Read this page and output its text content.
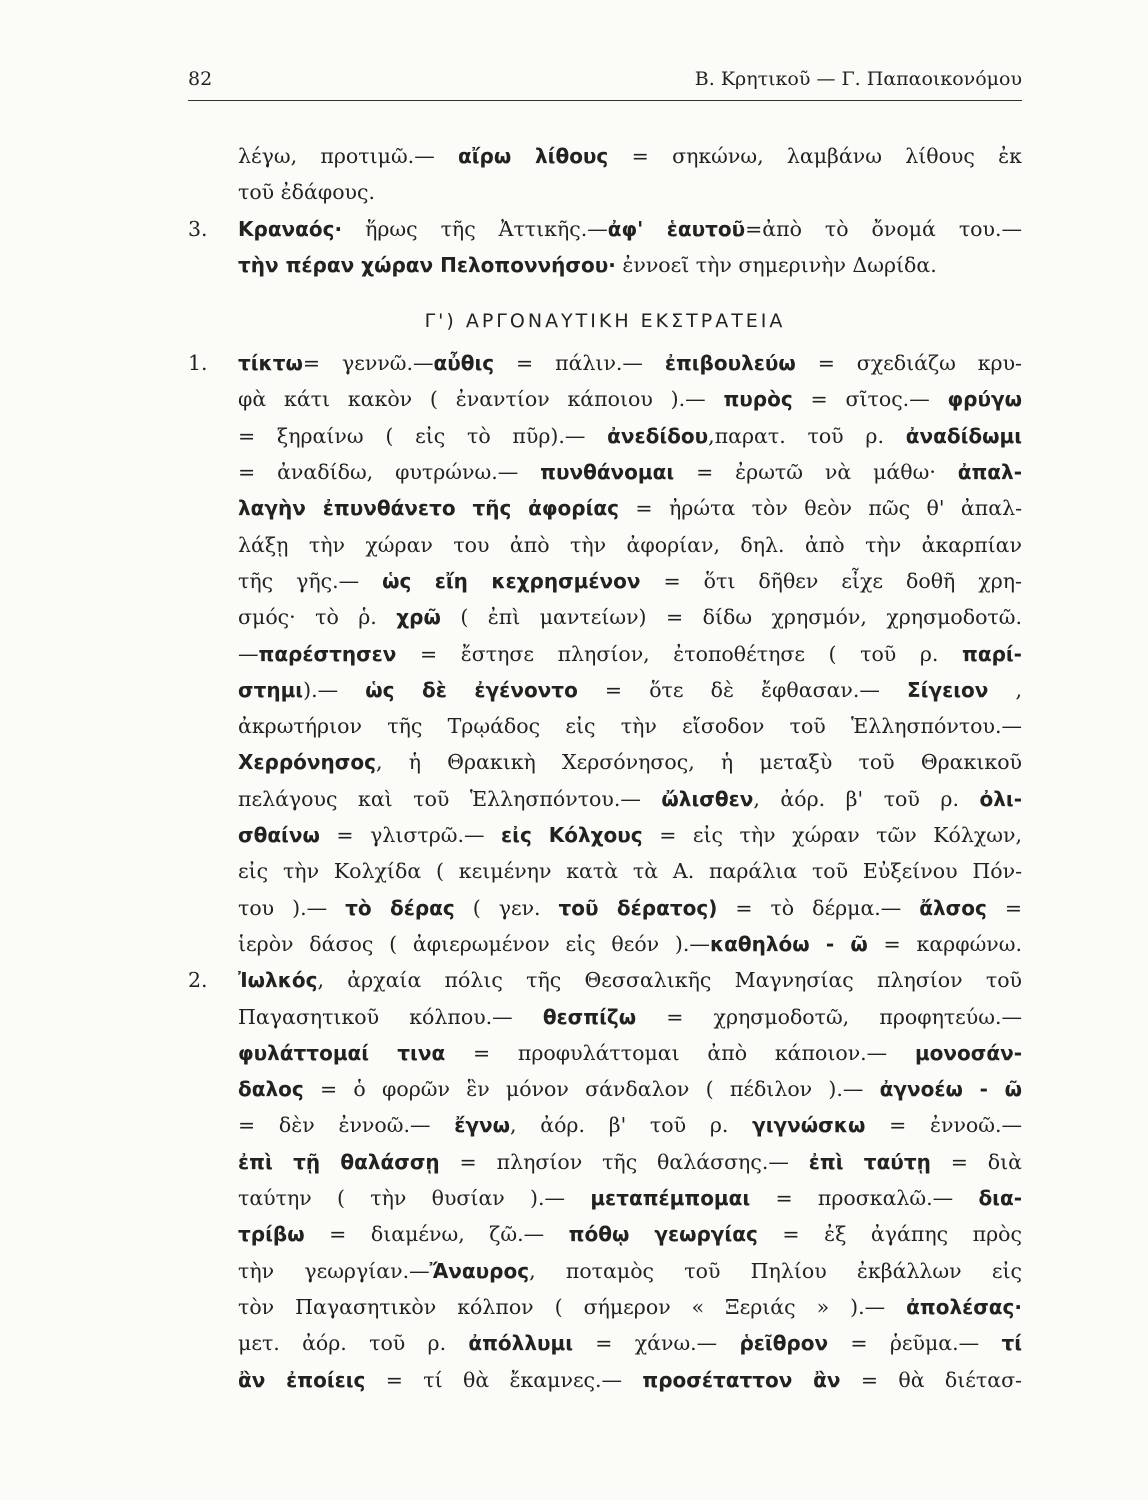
82	Β. Κρητικοῦ — Γ. Παπαοικονόμου
λέγω, προτιμῶ.— αἴρω λίθους = σηκώνω, λαμβάνω λίθους ἐκ
τοῦ ἐδάφους.
3. Κραναός· ἥρως τῆς Ἀττικῆς.—ἀφ' ἑαυτοῦ=ἀπὸ τὸ ὄνομά του.—
τὴν πέραν χώραν Πελοποννήσου· ἐννοεῖ τὴν σημερινὴν Δωρίδα.
Γ') ΑΡΓΟΝΑΥΤΙΚΗ ΕΚΣΤΡΑΤΕΙΑ
1. τίκτω= γεννῶ.—αὖθις = πάλιν.— ἐπιβουλεύω = σχεδιάζω κρυ-
φὰ κάτι κακὸν ( ἐναντίον κάποιου ).— πυρὸς = σῖτος.— φρύγω
= ξηραίνω ( εἰς τὸ πῦρ).— ἀνεδίδου,παρατ. τοῦ ρ. ἀναδίδωμι
= ἀναδίδω, φυτρώνω.— πυνθάνομαι = ἐρωτῶ νὰ μάθω· ἀπαλ-
λαγὴν ἐπυνθάνετο τῆς ἀφορίας = ἠρώτα τὸν θεὸν πῶς θ' ἀπαλ-
λάξῃ τὴν χώραν του ἀπὸ τὴν ἀφορίαν, δηλ. ἀπὸ τὴν ἀκαρπίαν
τῆς γῆς.— ὡς εἴη κεχρησμένον = ὅτι δῆθεν εἶχε δοθῆ χρη-
σμός· τὸ ῥ. χρῶ ( ἐπὶ μαντείων) = δίδω χρησμόν, χρησμοδοτῶ.
—παρέστησεν = ἔστησε πλησίον, ἐτοποθέτησε ( τοῦ ρ. παρί-
στημι).— ὡς δὲ ἐγένοντο = ὅτε δὲ ἔφθασαν.— Σίγειον ,
ἀκρωτήριον τῆς Τρῳάδος εἰς τὴν εἴσοδον τοῦ Ἑλλησπόντου.—
Χερρόνησος, ἡ Θρακικὴ Χερσόνησος, ἡ μεταξὺ τοῦ Θρακικοῦ
πελάγους καὶ τοῦ Ἑλλησπόντου.— ὤλισθεν, ἀόρ. β' τοῦ ρ. ὀλι-
σθαίνω = γλιστρῶ.— εἰς Κόλχους = εἰς τὴν χώραν τῶν Κόλχων,
εἰς τὴν Κολχίδα ( κειμένην κατὰ τὰ Α. παράλια τοῦ Εὐξείνου Πόν-
του ).— τὸ δέρας ( γεν. τοῦ δέρατος) = τὸ δέρμα.— ἄλσος =
ἱερὸν δάσος ( ἀφιερωμένον εἰς θεόν ).—καθηλόω - ῶ = καρφώνω.
2. Ἰωλκός, ἀρχαία πόλις τῆς Θεσσαλικῆς Μαγνησίας πλησίον τοῦ
Παγασητικοῦ κόλπου.— θεσπίζω = χρησμοδοτῶ, προφητεύω.—
φυλάττομαί τινα = προφυλάττομαι ἀπὸ κάποιον.— μονοσάν-
δαλος = ὁ φορῶν ἓν μόνον σάνδαλον ( πέδιλον ).— ἀγνοέω - ῶ
= δὲν ἐννοῶ.— ἔγνω, ἀόρ. β' τοῦ ρ. γιγνώσκω = ἐννοῶ.—
ἐπὶ τῇ θαλάσσῃ = πλησίον τῆς θαλάσσης.— ἐπὶ ταύτῃ = διὰ
ταύτην ( τὴν θυσίαν ).— μεταπέμπομαι = προσκαλῶ.— δια-
τρίβω = διαμένω, ζῶ.— πόθῳ γεωργίας = ἐξ ἀγάπης πρὸς
τὴν γεωργίαν.—Ἄναυρος, ποταμὸς τοῦ Πηλίου ἐκβάλλων εἰς
τὸν Παγασητικὸν κόλπον ( σήμερον « Ξεριάς » ).— ἀπολέσας·
μετ. ἀόρ. τοῦ ρ. ἀπόλλυμι = χάνω.— ῥεῖθρον = ῥεῦμα.— τί
ἂν ἐποίεις = τί θὰ ἔκαμνες.— προσέταττον ἂν = θὰ διέτασ-
